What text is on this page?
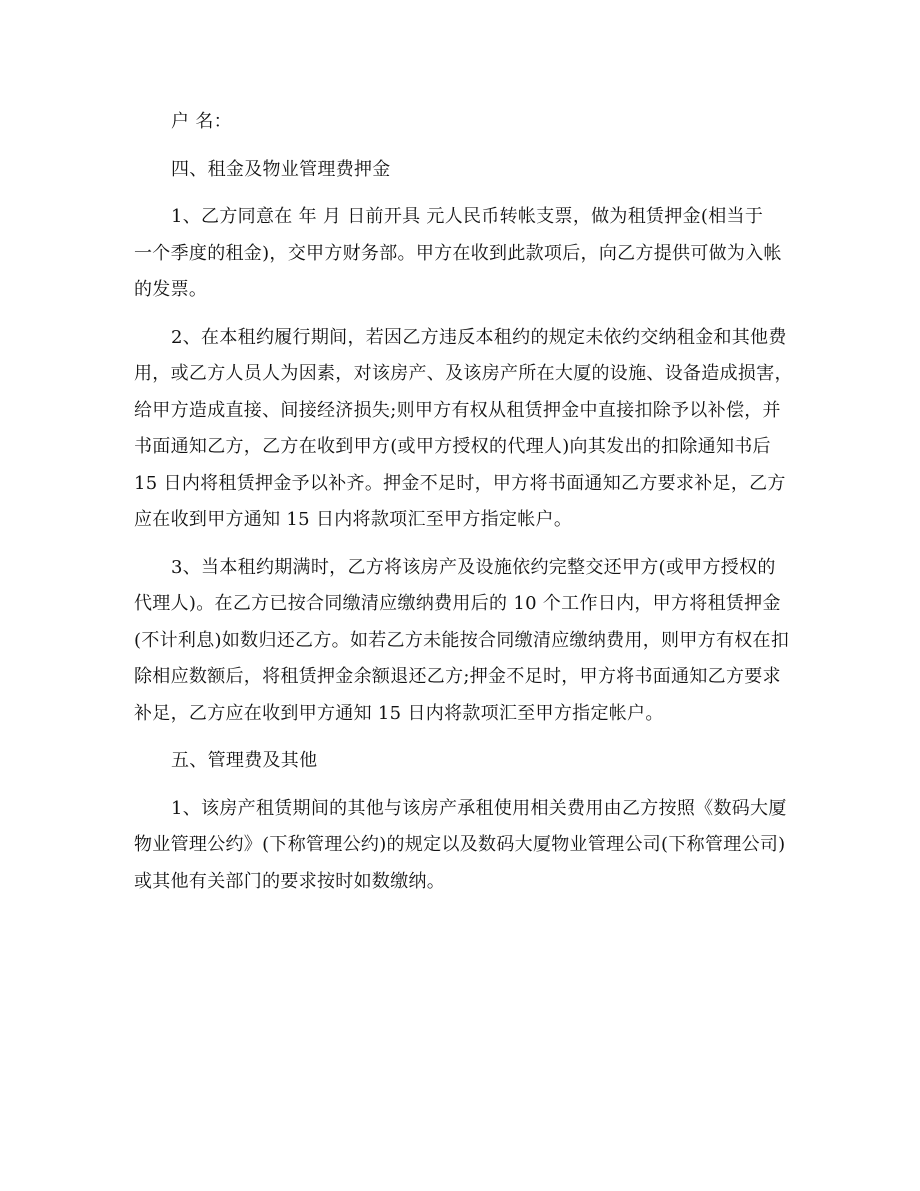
户 名：

四、租金及物业管理费押金

1、乙方同意在 年 月 日前开具 元人民币转帐支票，做为租赁押金(相当于
一个季度的租金)，交甲方财务部。甲方在收到此款项后，向乙方提供可做为入帐
的发票。

2、在本租约履行期间，若因乙方违反本租约的规定未依约交纳租金和其他费
用，或乙方人员人为因素，对该房产、及该房产所在大厦的设施、设备造成损害，
给甲方造成直接、间接经济损失;则甲方有权从租赁押金中直接扣除予以补偿，并
书面通知乙方，乙方在收到甲方(或甲方授权的代理人)向其发出的扣除通知书后
15 日内将租赁押金予以补齐。押金不足时，甲方将书面通知乙方要求补足，乙方
应在收到甲方通知 15 日内将款项汇至甲方指定帐户。

3、当本租约期满时，乙方将该房产及设施依约完整交还甲方(或甲方授权的
代理人)。在乙方已按合同缴清应缴纳费用后的 10 个工作日内，甲方将租赁押金
(不计利息)如数归还乙方。如若乙方未能按合同缴清应缴纳费用，则甲方有权在扣
除相应数额后，将租赁押金余额退还乙方;押金不足时，甲方将书面通知乙方要求
补足，乙方应在收到甲方通知 15 日内将款项汇至甲方指定帐户。

五、管理费及其他

1、该房产租赁期间的其他与该房产承租使用相关费用由乙方按照《数码大厦
物业管理公约》(下称管理公约)的规定以及数码大厦物业管理公司(下称管理公司)
或其他有关部门的要求按时如数缴纳。
